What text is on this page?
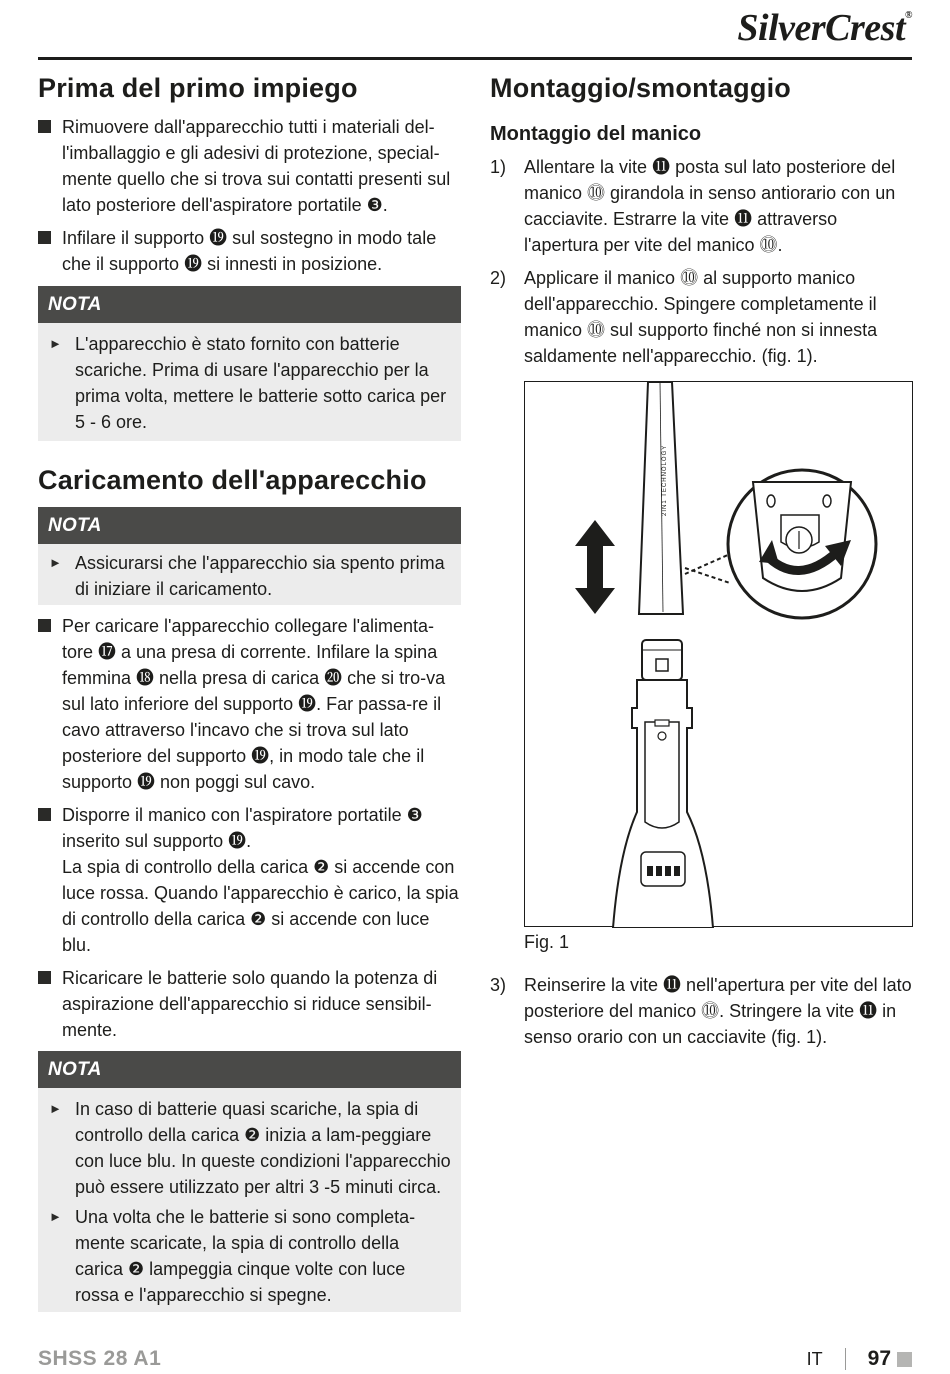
SilverCrest®
Prima del primo impiego
Rimuovere dall'apparecchio tutti i materiali del-l'imballaggio e gli adesivi di protezione, special-mente quello che si trova sui contatti presenti sul lato posteriore dell'aspiratore portatile ❸.
Infilare il supporto ⓳ sul sostegno in modo tale che il supporto ⓳ si innesti in posizione.
NOTA
► L'apparecchio è stato fornito con batterie scariche. Prima di usare l'apparecchio per la prima volta, mettere le batterie sotto carica per 5 - 6 ore.
Caricamento dell'apparecchio
NOTA
► Assicurarsi che l'apparecchio sia spento prima di iniziare il caricamento.
Per caricare l'apparecchio collegare l'alimenta-tore ⓱ a una presa di corrente. Infilare la spina femmina ⓲ nella presa di carica ⓴ che si tro-va sul lato inferiore del supporto ⓳. Far passa-re il cavo attraverso l'incavo che si trova sul lato posteriore del supporto ⓳, in modo tale che il supporto ⓳ non poggi sul cavo.
Disporre il manico con l'aspiratore portatile ❸ inserito sul supporto ⓳.
La spia di controllo della carica ❷ si accende con luce rossa. Quando l'apparecchio è carico, la spia di controllo della carica ❷ si accende con luce blu.
Ricaricare le batterie solo quando la potenza di aspirazione dell'apparecchio si riduce sensibil-mente.
NOTA
► In caso di batterie quasi scariche, la spia di controllo della carica ❷ inizia a lam-peggiare con luce blu. In queste condizioni l'apparecchio può essere utilizzato per altri 3 -5 minuti circa.
► Una volta che le batterie si sono completa-mente scaricate, la spia di controllo della carica ❷ lampeggia cinque volte con luce rossa e l'apparecchio si spegne.
Montaggio/smontaggio
Montaggio del manico
1) Allentare la vite ⓫ posta sul lato posteriore del manico ⓾ girandola in senso antiorario con un cacciavite. Estrarre la vite ⓫ attraverso l'apertura per vite del manico ⓾.
2) Applicare il manico ⓾ al supporto manico dell'apparecchio. Spingere completamente il manico ⓾ sul supporto finché non si innesta saldamente nell'apparecchio. (fig. 1).
2IN1 TECHNOLOGY
Fig. 1
3) Reinserire la vite ⓫ nell'apertura per vite del lato posteriore del manico ⓾. Stringere la vite ⓫ in senso orario con un cacciavite (fig. 1).
SHSS 28 A1	IT 97
